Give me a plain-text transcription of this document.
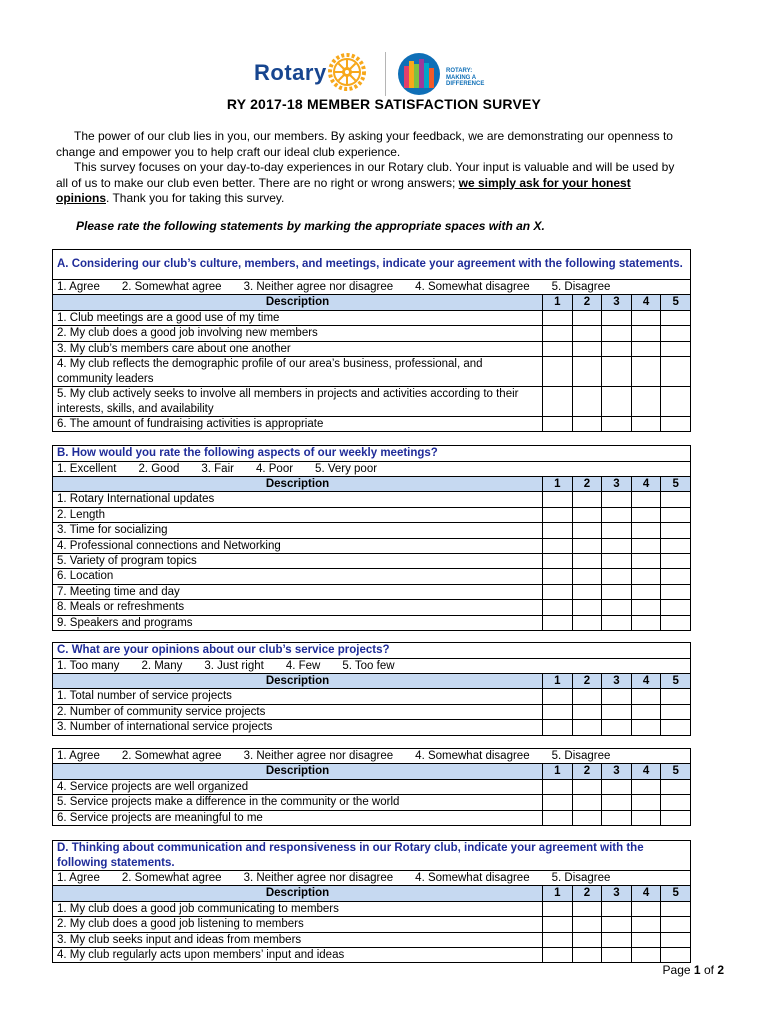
Rotary	ROTARY:
MAKING A
DIFFERENCE
RY 2017-18 MEMBER SATISFACTION SURVEY

The power of our club lies in you, our members. By asking your feedback, we are demonstrating our openness to change and empower you to help craft our ideal club experience.

This survey focuses on your day-to-day experiences in our Rotary club. Your input is valuable and will be used by all of us to make our club even better. There are no right or wrong answers; we simply ask for your honest opinions. Thank you for taking this survey.

Please rate the following statements by marking the appropriate spaces with an X.
A. Considering our club’s culture, members, and meetings, indicate your agreement with the following statements.					
1. Agree 2. Somewhat agree 3. Neither agree nor disagree 4. Somewhat disagree 5. Disagree					
Description	1	2	3	4	5
1. Club meetings are a good use of my time					
2. My club does a good job involving new members					
3. My club’s members care about one another					
4. My club reflects the demographic profile of our area’s business, professional, and community leaders					
5. My club actively seeks to involve all members in projects and activities according to their interests, skills, and availability					
6. The amount of fundraising activities is appropriate					
B. How would you rate the following aspects of our weekly meetings?					
1. Excellent 2. Good 3. Fair 4. Poor 5. Very poor					
Description	1	2	3	4	5
1. Rotary International updates					
2. Length					
3. Time for socializing					
4. Professional connections and Networking					
5. Variety of program topics					
6. Location					
7. Meeting time and day					
8. Meals or refreshments					
9. Speakers and programs					
C. What are your opinions about our club’s service projects?					
1. Too many 2. Many 3. Just right 4. Few 5. Too few					
Description	1	2	3	4	5
1. Total number of service projects					
2. Number of community service projects					
3. Number of international service projects					
1. Agree 2. Somewhat agree 3. Neither agree nor disagree 4. Somewhat disagree 5. Disagree					
Description	1	2	3	4	5
4. Service projects are well organized					
5. Service projects make a difference in the community or the world					
6. Service projects are meaningful to me					
D. Thinking about communication and responsiveness in our Rotary club, indicate your agreement with the following statements.					
1. Agree 2. Somewhat agree 3. Neither agree nor disagree 4. Somewhat disagree 5. Disagree					
Description	1	2	3	4	5
1. My club does a good job communicating to members					
2. My club does a good job listening to members					
3. My club seeks input and ideas from members					
4. My club regularly acts upon members’ input and ideas					
Page 1 of 2
